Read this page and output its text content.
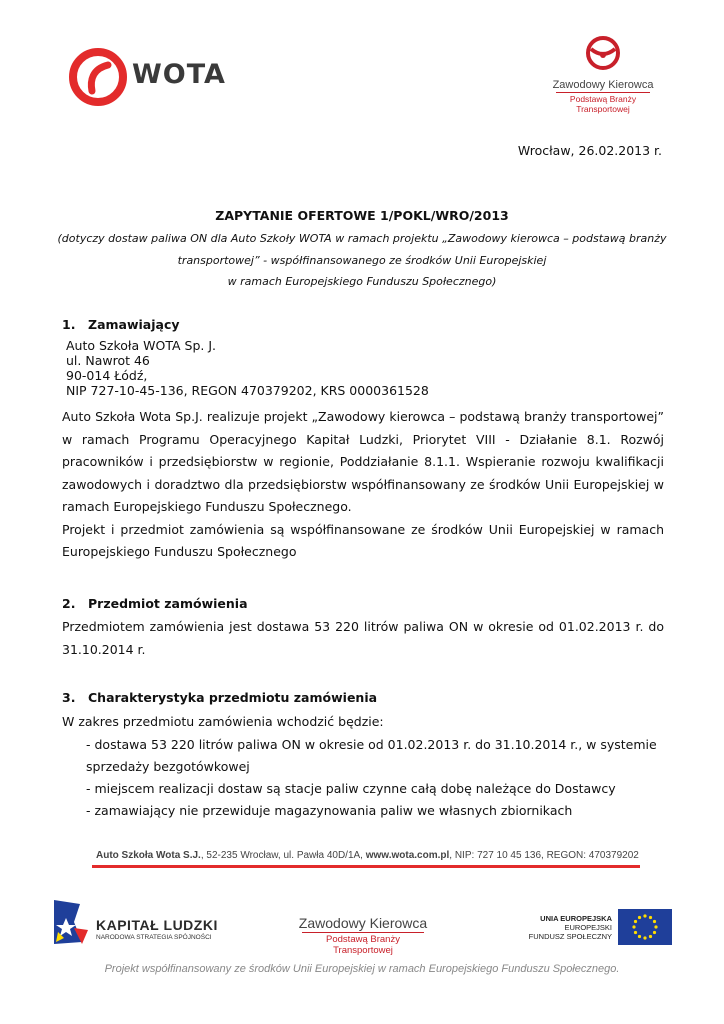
WOTA	Zawodowy Kierowca
Podstawą Branży Transportowej
Wrocław, 26.02.2013 r.
ZAPYTANIE OFERTOWE 1/POKL/WRO/2013
(dotyczy dostaw paliwa ON dla Auto Szkoły WOTA w ramach projektu „Zawodowy kierowca – podstawą branży
transportowej” - współfinansowanego ze środków Unii Europejskiej
w ramach Europejskiego Funduszu Społecznego)
1. Zamawiający
Auto Szkoła WOTA Sp. J.
ul. Nawrot 46
90-014 Łódź,
NIP 727-10-45-136, REGON 470379202, KRS 0000361528
Auto Szkoła Wota Sp.J. realizuje projekt „Zawodowy kierowca – podstawą branży transportowej” w ramach Programu Operacyjnego Kapitał Ludzki, Priorytet VIII - Działanie 8.1. Rozwój pracowników i przedsiębiorstw w regionie, Poddziałanie 8.1.1. Wspieranie rozwoju kwalifikacji zawodowych i doradztwo dla przedsiębiorstw współfinansowany ze środków Unii Europejskiej w ramach Europejskiego Funduszu Społecznego.
Projekt i przedmiot zamówienia są współfinansowane ze środków Unii Europejskiej w ramach Europejskiego Funduszu Społecznego
2. Przedmiot zamówienia
Przedmiotem zamówienia jest dostawa 53 220 litrów paliwa ON w okresie od 01.02.2013 r. do 31.10.2014 r.
3. Charakterystyka przedmiotu zamówienia
W zakres przedmiotu zamówienia wchodzić będzie:
- dostawa 53 220 litrów paliwa ON w okresie od 01.02.2013 r. do 31.10.2014 r., w systemie sprzedaży bezgotówkowej
- miejscem realizacji dostaw są stacje paliw czynne całą dobę należące do Dostawcy
- zamawiający nie przewiduje magazynowania paliw we własnych zbiornikach
Auto Szkoła Wota S.J., 52-235 Wrocław, ul. Pawła 40D/1A, www.wota.com.pl, NIP: 727 10 45 136, REGON: 470379202
KAPITAŁ LUDZKI
NARODOWA STRATEGIA SPÓJNOŚCI
Zawodowy Kierowca
Podstawą Branży Transportowej
UNIA EUROPEJSKA
EUROPEJSKI
FUNDUSZ SPOŁECZNY
Projekt współfinansowany ze środków Unii Europejskiej w ramach Europejskiego Funduszu Społecznego.
